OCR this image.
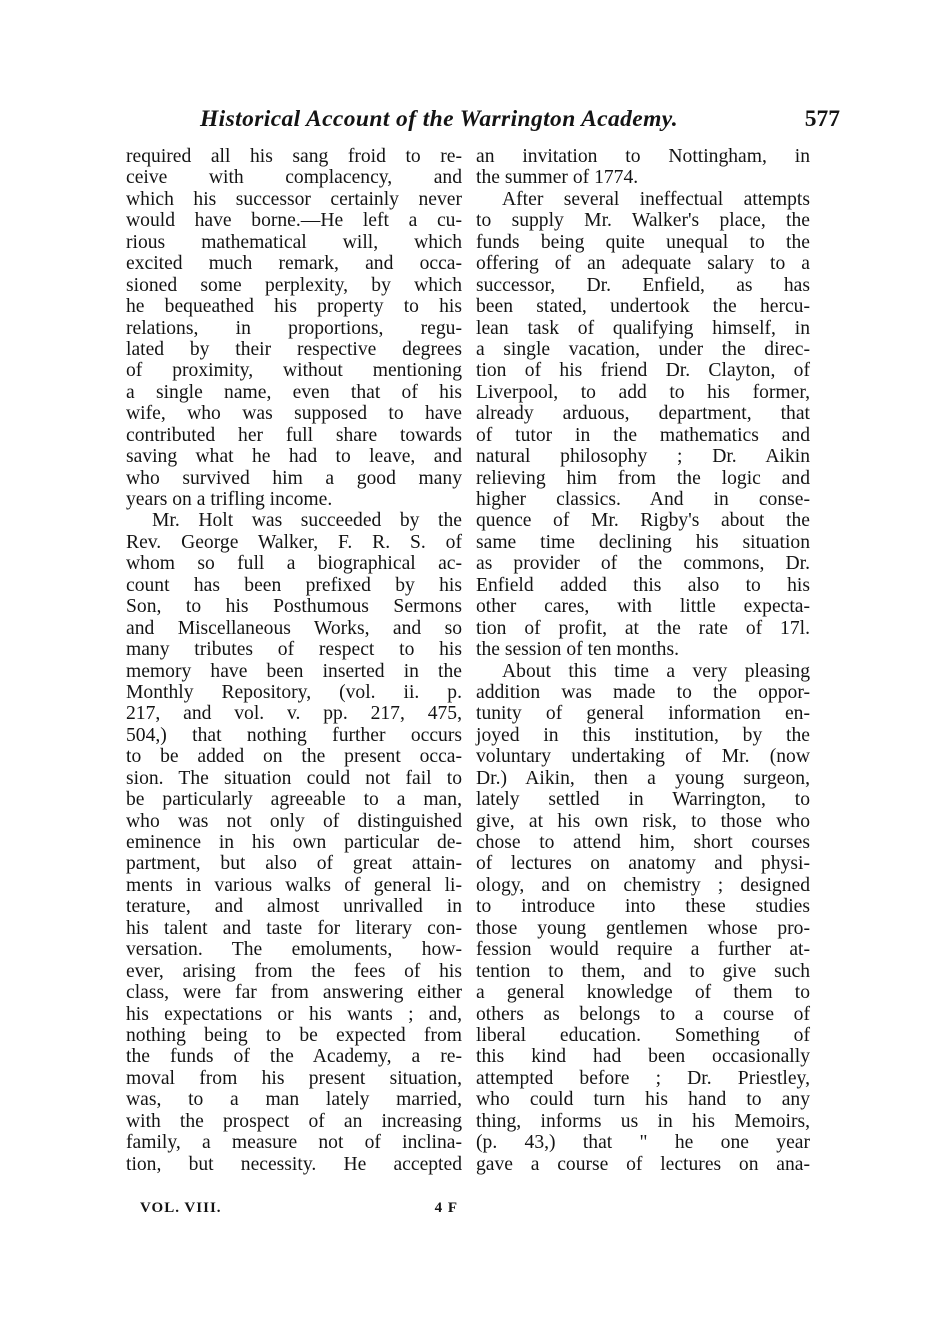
Historical Account of the Warrington Academy.	577
required all his sang froid to re-
ceive with complacency, and
which his successor certainly never
would have borne.—He left a cu-
rious mathematical will, which
excited much remark, and occa-
sioned some perplexity, by which
he bequeathed his property to his
relations, in proportions, regu-
lated by their respective degrees
of proximity, without mentioning
a single name, even that of his
wife, who was supposed to have
contributed her full share towards
saving what he had to leave, and
who survived him a good many
years on a trifling income.
Mr. Holt was succeeded by the
Rev. George Walker, F. R. S. of
whom so full a biographical ac-
count has been prefixed by his
Son, to his Posthumous Sermons
and Miscellaneous Works, and so
many tributes of respect to his
memory have been inserted in the
Monthly Repository, (vol. ii. p.
217, and vol. v. pp. 217, 475,
504,) that nothing further occurs
to be added on the present occa-
sion. The situation could not fail to
be particularly agreeable to a man,
who was not only of distinguished
eminence in his own particular de-
partment, but also of great attain-
ments in various walks of general li-
terature, and almost unrivalled in
his talent and taste for literary con-
versation. The emoluments, how-
ever, arising from the fees of his
class, were far from answering either
his expectations or his wants ; and,
nothing being to be expected from
the funds of the Academy, a re-
moval from his present situation,
was, to a man lately married,
with the prospect of an increasing
family, a measure not of inclina-
tion, but necessity. He accepted
an invitation to Nottingham, in
the summer of 1774.
After several ineffectual attempts
to supply Mr. Walker's place, the
funds being quite unequal to the
offering of an adequate salary to a
successor, Dr. Enfield, as has
been stated, undertook the hercu-
lean task of qualifying himself, in
a single vacation, under the direc-
tion of his friend Dr. Clayton, of
Liverpool, to add to his former,
already arduous, department, that
of tutor in the mathematics and
natural philosophy ; Dr. Aikin
relieving him from the logic and
higher classics. And in conse-
quence of Mr. Rigby's about the
same time declining his situation
as provider of the commons, Dr.
Enfield added this also to his
other cares, with little expecta-
tion of profit, at the rate of 17l.
the session of ten months.
About this time a very pleasing
addition was made to the oppor-
tunity of general information en-
joyed in this institution, by the
voluntary undertaking of Mr. (now
Dr.) Aikin, then a young surgeon,
lately settled in Warrington, to
give, at his own risk, to those who
chose to attend him, short courses
of lectures on anatomy and physi-
ology, and on chemistry ; designed
to introduce into these studies
those young gentlemen whose pro-
fession would require a further at-
tention to them, and to give such
a general knowledge of them to
others as belongs to a course of
liberal education. Something of
this kind had been occasionally
attempted before ; Dr. Priestley,
who could turn his hand to any
thing, informs us in his Memoirs,
(p. 43,) that " he one year
gave a course of lectures on ana-
VOL. VIII.	4 F
